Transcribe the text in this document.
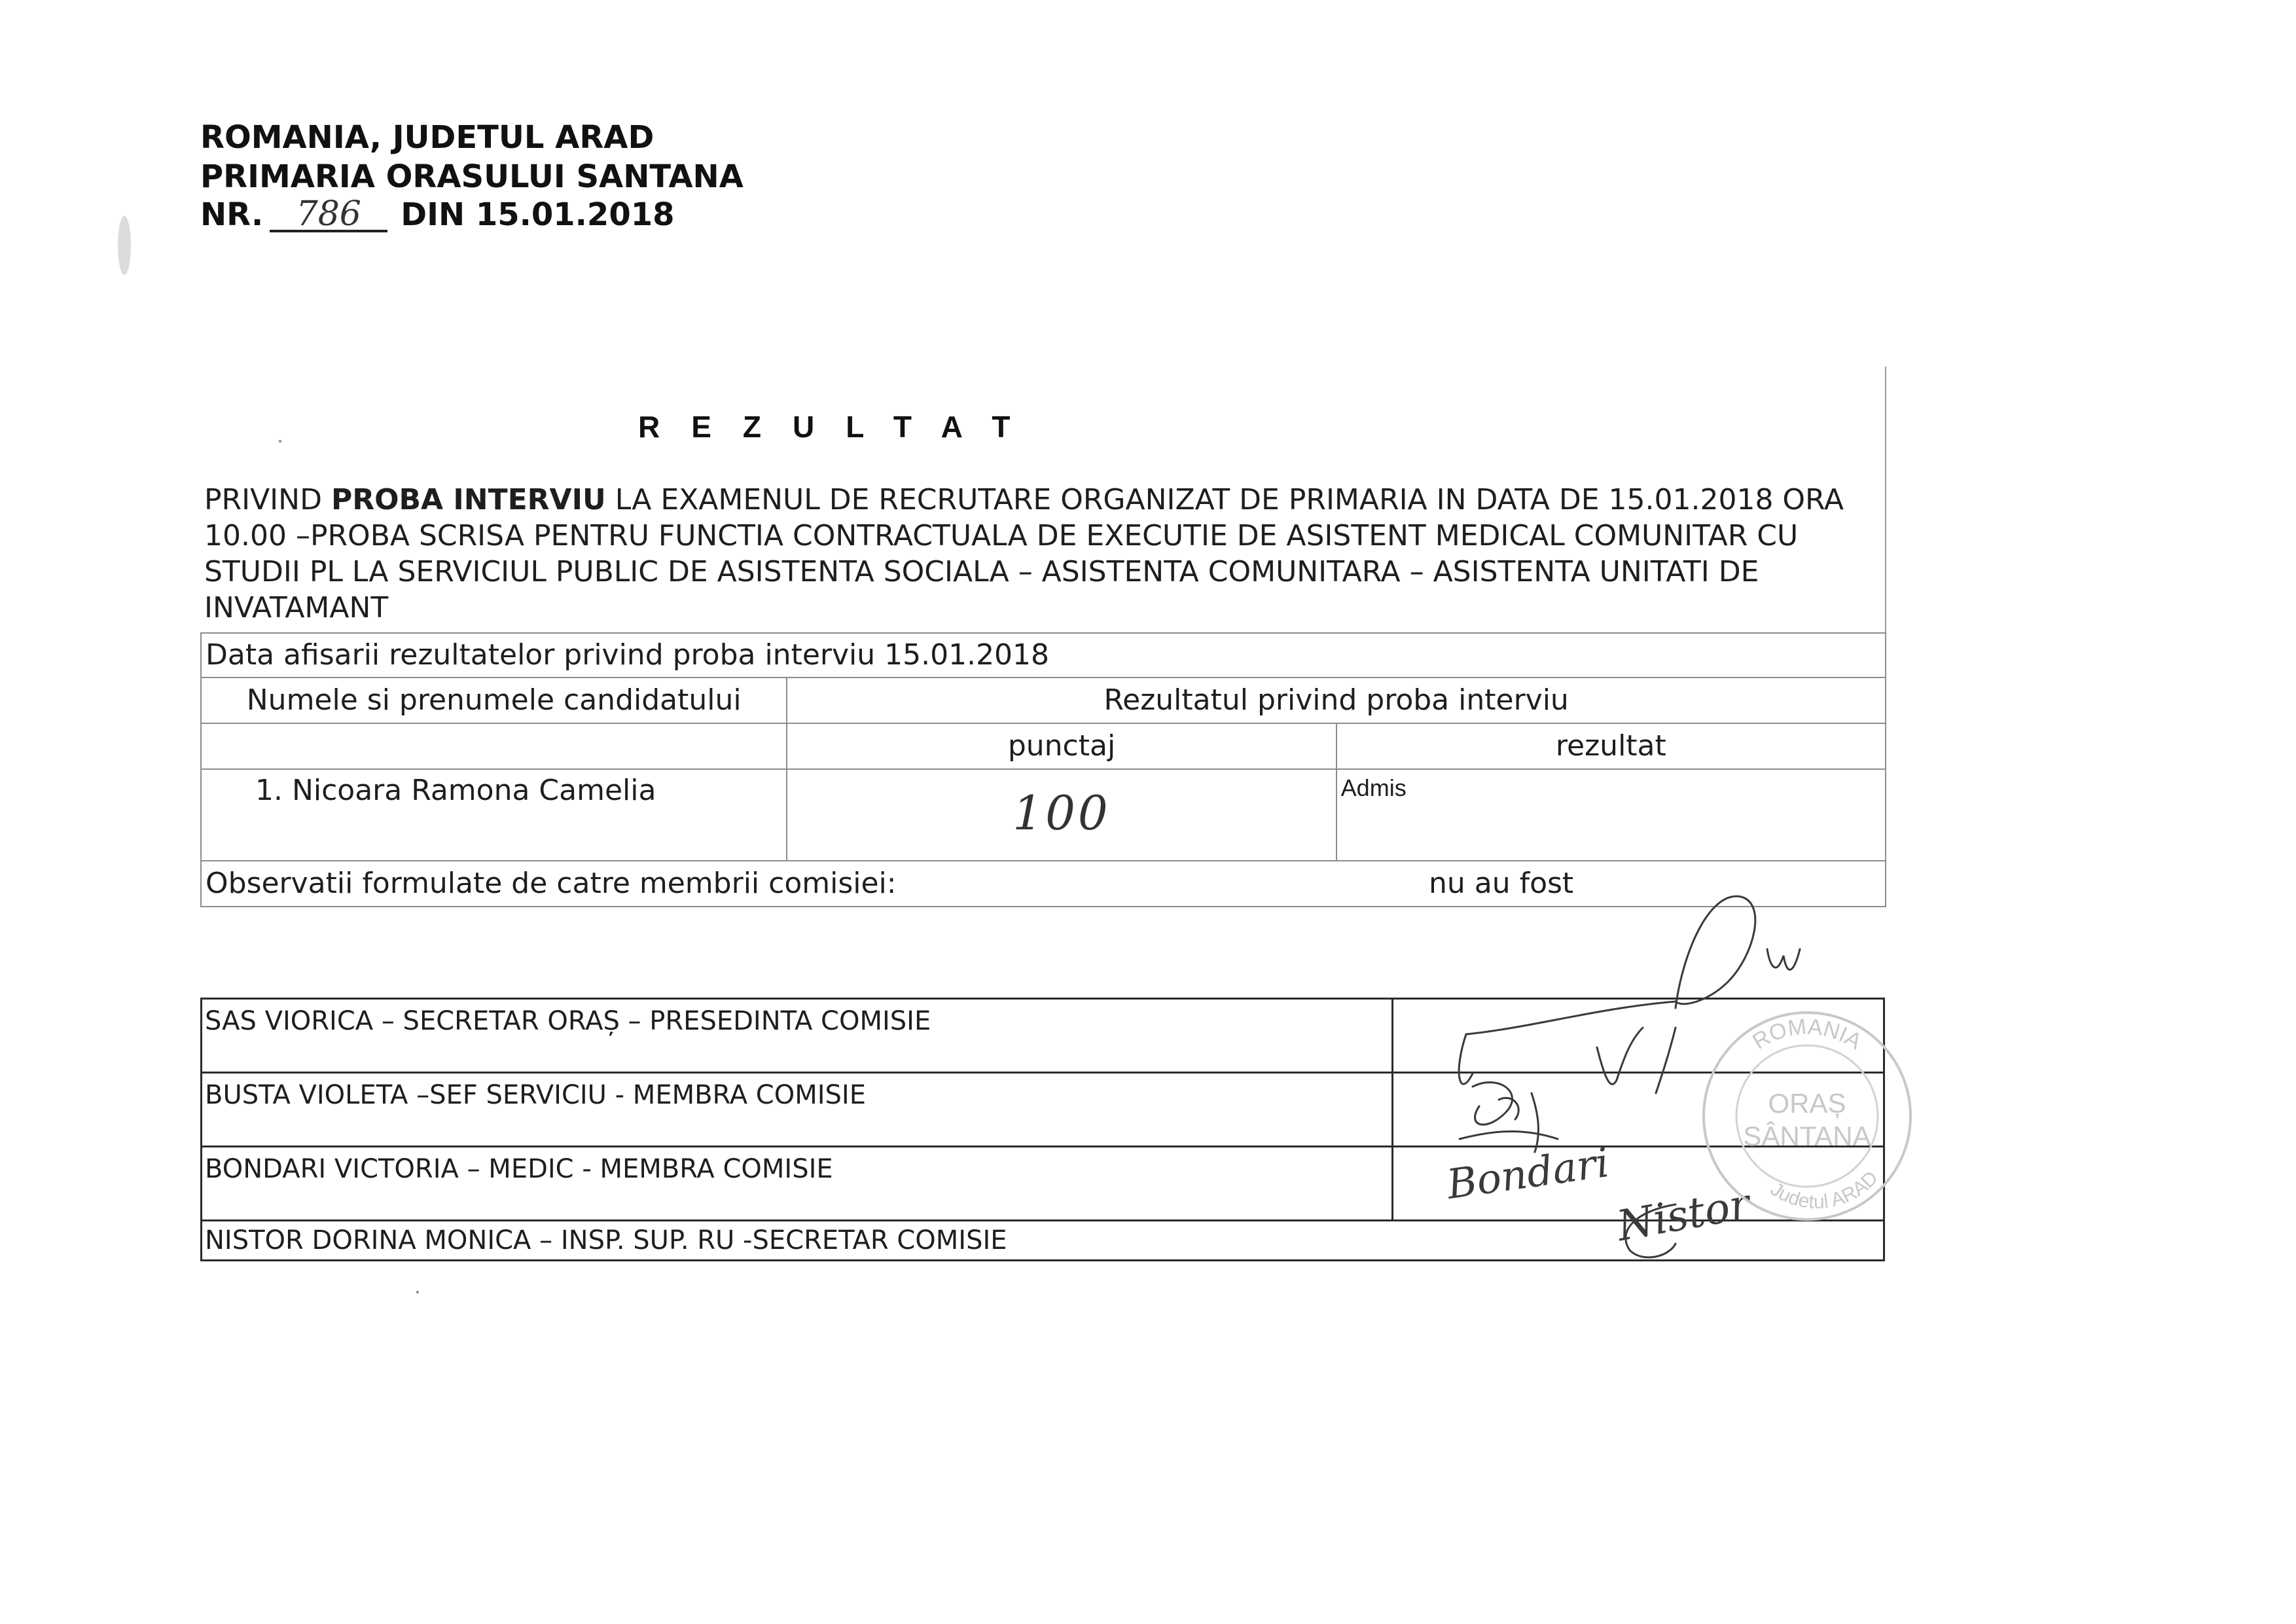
ROMANIA, JUDETUL ARAD
PRIMARIA ORASULUI SANTANA
NR. 786 DIN 15.01.2018
REZULTAT
PRIVIND PROBA INTERVIU LA EXAMENUL DE RECRUTARE ORGANIZAT DE PRIMARIA IN DATA DE 15.01.2018 ORA 10.00 –PROBA SCRISA PENTRU FUNCTIA CONTRACTUALA DE EXECUTIE DE ASISTENT MEDICAL COMUNITAR CU STUDII PL LA SERVICIUL PUBLIC DE ASISTENTA SOCIALA – ASISTENTA COMUNITARA – ASISTENTA UNITATI DE INVATAMANT
Data afisarii rezultatelor privind proba interviu 15.01.2018		
Numele si prenumele candidatului	Rezultatul privind proba interviu	
	punctaj	rezultat
1. Nicoara Ramona Camelia	100	Admis
Observatii formulate de catre membrii comisiei: nu au fost		
SAS VIORICA – SECRETAR ORAȘ – PRESEDINTA COMISIE	
BUSTA VIOLETA –SEF SERVICIU - MEMBRA COMISIE	
BONDARI VICTORIA – MEDIC - MEMBRA COMISIE	
NISTOR DORINA MONICA – INSP. SUP. RU -SECRETAR COMISIE	
Bondari
Nistor
ROMANIA
ORAȘ
SÂNTANA
Judetul ARAD
